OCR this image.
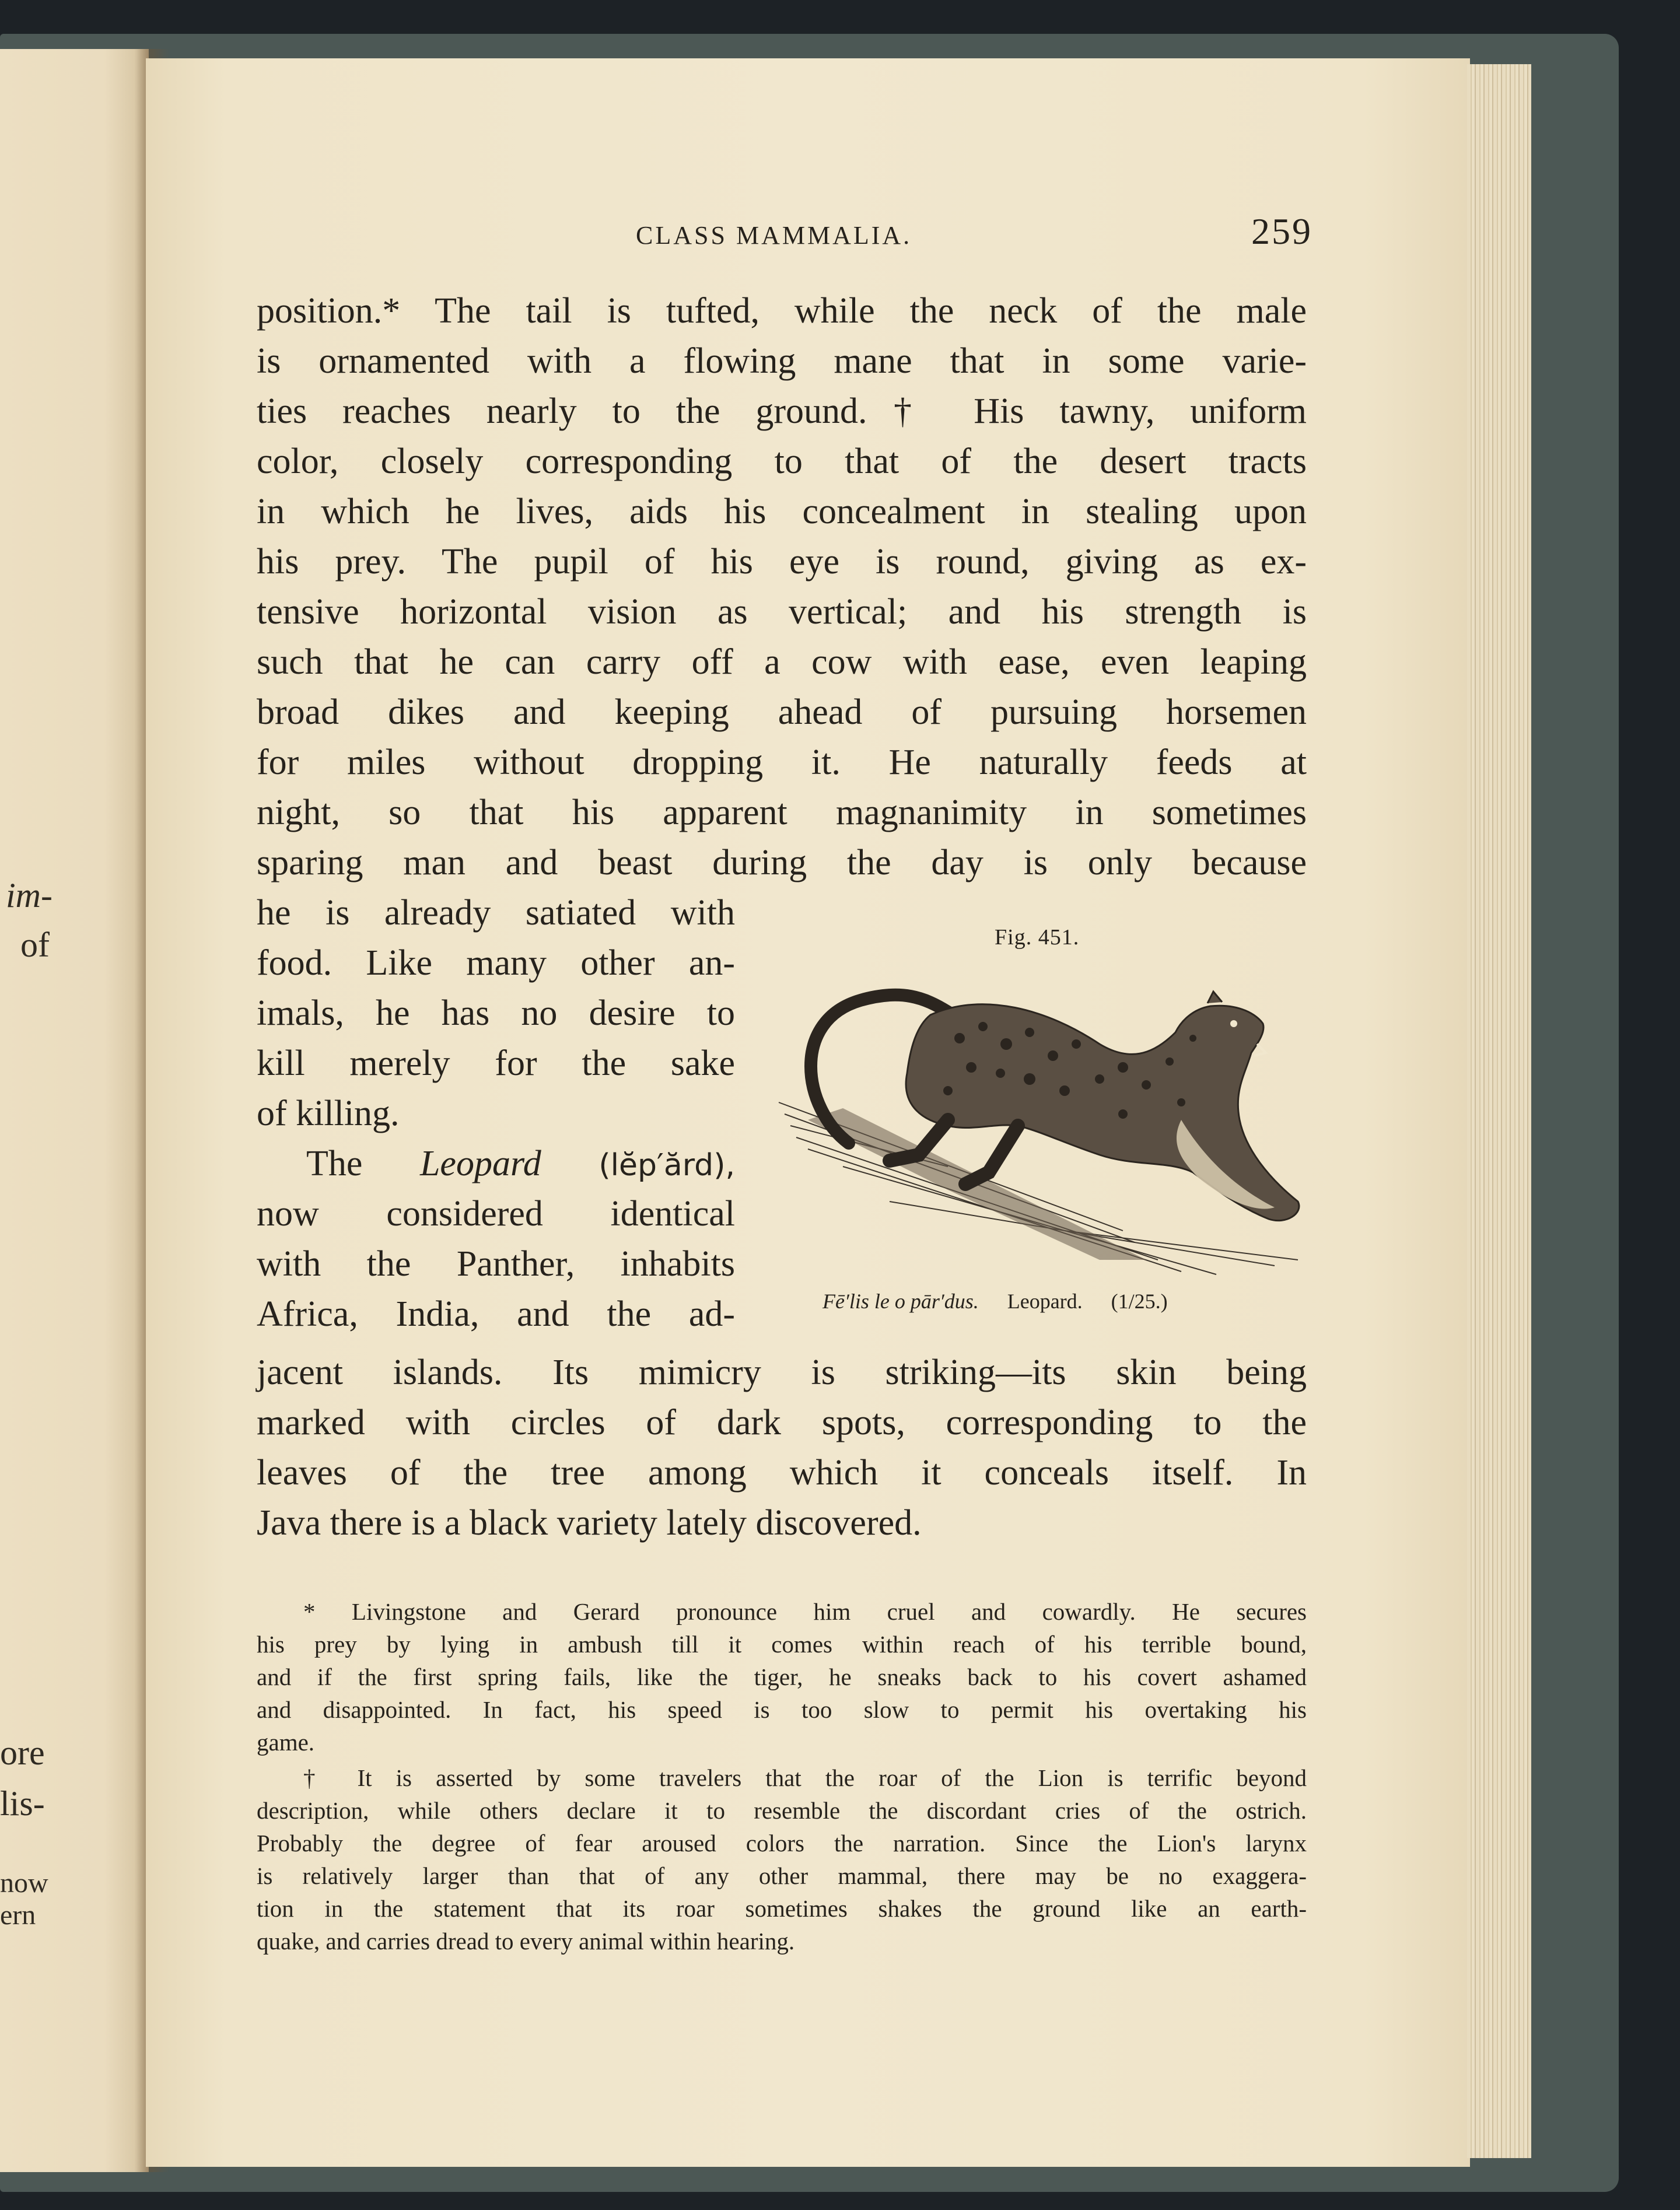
im-
of
ore
lis-
now
ern
CLASS MAMMALIA.	259
position.* The tail is tufted, while the neck of the male
is ornamented with a flowing mane that in some varie-
ties reaches nearly to the ground.† His tawny, uniform
color, closely corresponding to that of the desert tracts
in which he lives, aids his concealment in stealing upon
his prey. The pupil of his eye is round, giving as ex-
tensive horizontal vision as vertical; and his strength is
such that he can carry off a cow with ease, even leaping
broad dikes and keeping ahead of pursuing horsemen
for miles without dropping it. He naturally feeds at
night, so that his apparent magnanimity in sometimes
sparing man and beast during the day is only because
he is already satiated with
food. Like many other an-
imals, he has no desire to
kill merely for the sake
of killing.
The Leopard (lĕp′ărd),
now considered identical
with the Panther, inhabits
Africa, India, and the ad-
jacent islands. Its mimicry is striking—its skin being
marked with circles of dark spots, corresponding to the
leaves of the tree among which it conceals itself. In
Java there is a black variety lately discovered.
Fig. 451.
Fē′lis le o pār′dus. Leopard. (1/25.)
* Livingstone and Gerard pronounce him cruel and cowardly. He secures
his prey by lying in ambush till it comes within reach of his terrible bound,
and if the first spring fails, like the tiger, he sneaks back to his covert ashamed
and disappointed. In fact, his speed is too slow to permit his overtaking his
game.
† It is asserted by some travelers that the roar of the Lion is terrific beyond
description, while others declare it to resemble the discordant cries of the ostrich.
Probably the degree of fear aroused colors the narration. Since the Lion's larynx
is relatively larger than that of any other mammal, there may be no exaggera-
tion in the statement that its roar sometimes shakes the ground like an earth-
quake, and carries dread to every animal within hearing.
